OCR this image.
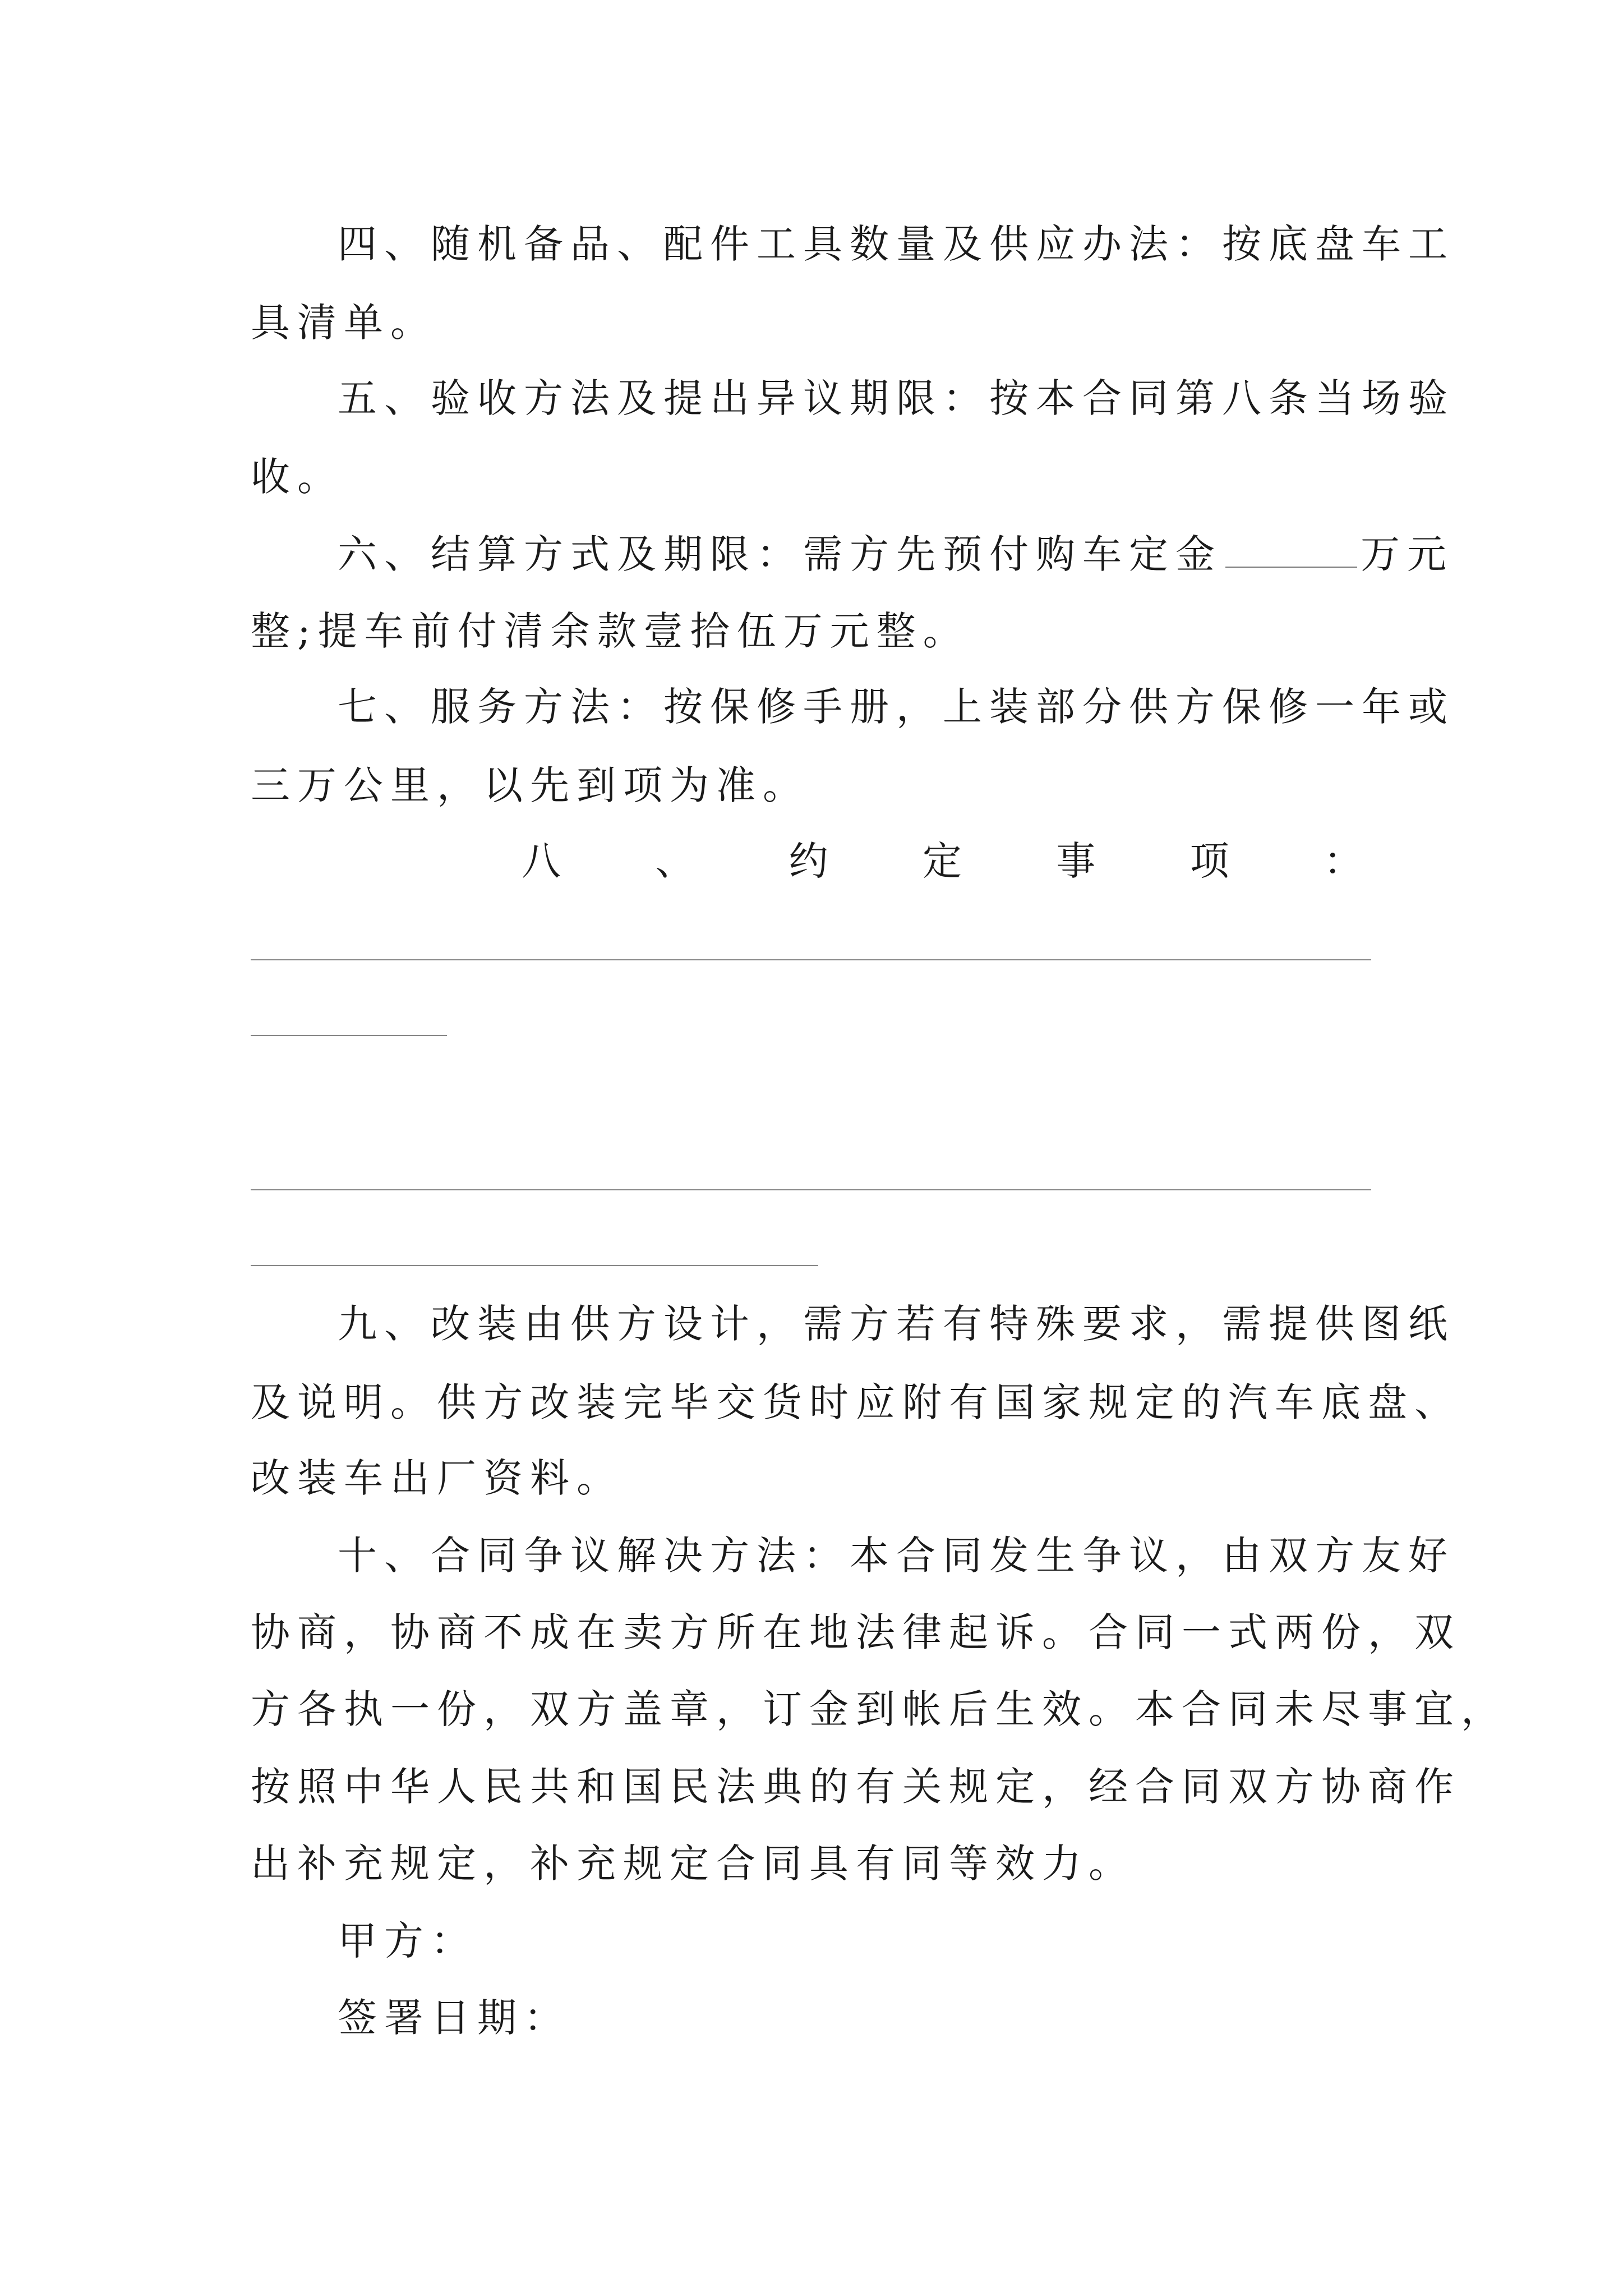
四、随机备品、配件工具数量及供应办法：按底盘车工
具清单。
五、验收方法及提出异议期限：按本合同第八条当场验
收。
六、结算方式及期限：需方先预付购车定金	万元
整;提车前付清余款壹拾伍万元整。
七、服务方法：按保修手册，上装部分供方保修一年或
三万公里，以先到项为准。
八 、 约 定 事 项 ：
九、改装由供方设计，需方若有特殊要求，需提供图纸
及说明。供方改装完毕交货时应附有国家规定的汽车底盘、
改装车出厂资料。
十、合同争议解决方法：本合同发生争议，由双方友好
协商，协商不成在卖方所在地法律起诉。合同一式两份，双
方各执一份，双方盖章，订金到帐后生效。本合同未尽事宜，
按照中华人民共和国民法典的有关规定，经合同双方协商作
出补充规定，补充规定合同具有同等效力。
甲方：
签署日期：
